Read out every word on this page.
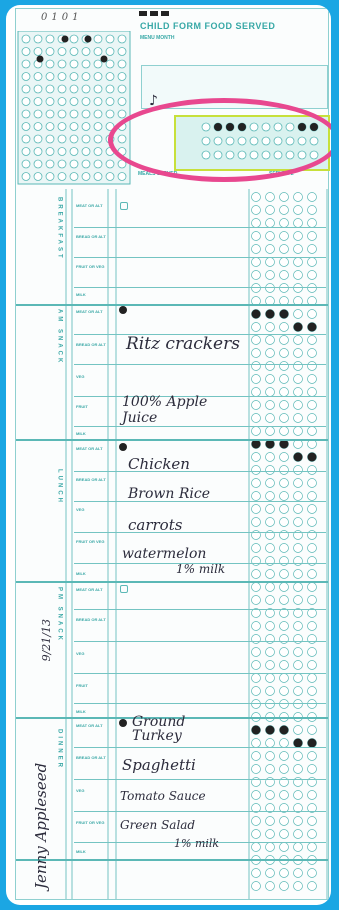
0101
CHILD FORM FOOD SERVED
MENU MONTH
♪
MEALS SERVED	SERVED 2
BREAKFAST
AM SNACK
LUNCH
PM SNACK
DINNER
MEAT OR ALT
BREAD OR ALT
FRUIT OR VEG
MILK
MEAT OR ALT
BREAD OR ALT
VEG
FRUIT
MILK
Ritz crackers
100% Apple Juice
MEAT OR ALT
BREAD OR ALT
VEG
FRUIT OR VEG
MILK
Chicken
Brown Rice
carrots
watermelon
1% milk
MEAT OR ALT
BREAD OR ALT
VEG
FRUIT
MILK
MEAT OR ALT
BREAD OR ALT
VEG
FRUIT OR VEG
MILK
Ground Turkey
Spaghetti
Tomato Sauce
Green Salad
1% milk
9/21/13
Jenny Appleseed
